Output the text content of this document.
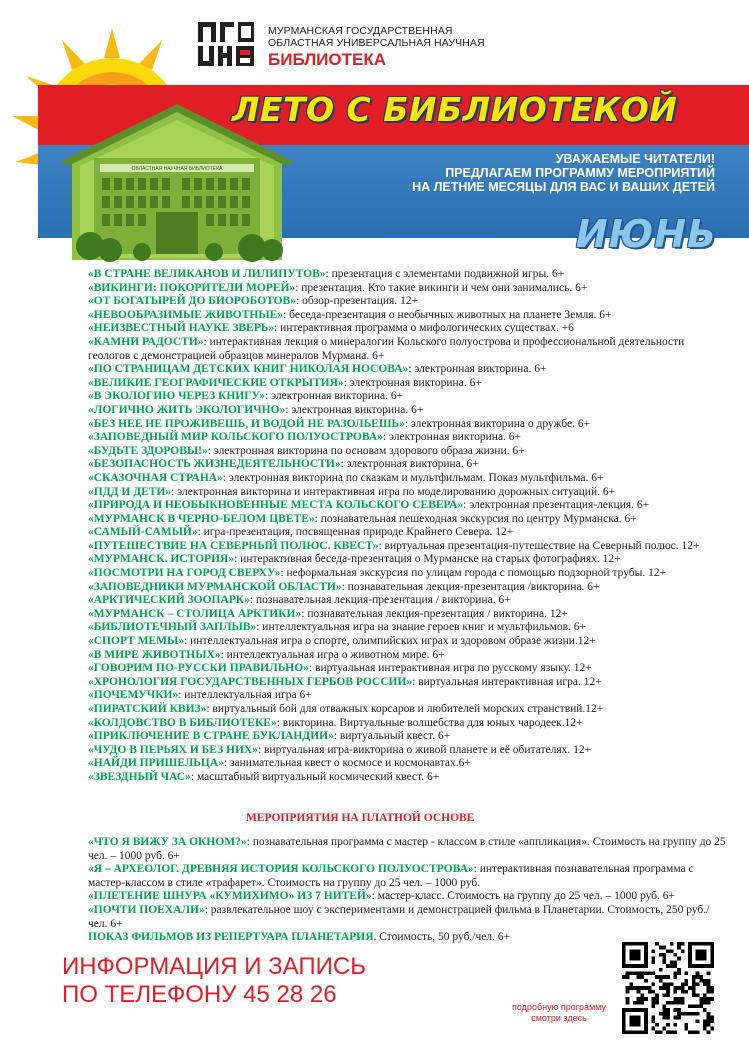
МУРМАНСКАЯ ГОСУДАРСТВЕННАЯ
ОБЛАСТНАЯ УНИВЕРСАЛЬНАЯ НАУЧНАЯ
БИБЛИОТЕКА
ОБЛАСТНАЯ НАУЧНАЯ БИБЛИОТЕКА
ЛЕТО С БИБЛИОТЕКОЙ
УВАЖАЕМЫЕ ЧИТАТЕЛИ!
ПРЕДЛАГАЕМ ПРОГРАММУ МЕРОПРИЯТИЙ
НА ЛЕТНИЕ МЕСЯЦЫ ДЛЯ ВАС И ВАШИХ ДЕТЕЙ
ИЮНЬ
«В СТРАНЕ ВЕЛИКАНОВ И ЛИЛИПУТОВ»: презентация с элементами подвижной игры. 6+
«ВИКИНГИ: ПОКОРИТЕЛИ МОРЕЙ»: презентация. Кто такие викинги и чем они занимались. 6+
«ОТ БОГАТЫРЕЙ ДО БИОРОБОТОВ»: обзор-презентация. 12+
«НЕВООБРАЗИМЫЕ ЖИВОТНЫЕ»: беседа-презентация о необычных животных на планете Земля. 6+
«НЕИЗВЕСТНЫЙ НАУКЕ ЗВЕРЬ»: интерактивная программа о мифологических существах. +6
«КАМНИ РАДОСТИ»: интерактивная лекция о минералогии Кольского полуострова и профессиональной деятельности геологов с демонстрацией образцов минералов Мурмана. 6+
«ПО СТРАНИЦАМ ДЕТСКИХ КНИГ НИКОЛАЯ НОСОВА»: электронная викторина. 6+
«ВЕЛИКИЕ ГЕОГРАФИЧЕСКИЕ ОТКРЫТИЯ»: электронная викторина. 6+
«В ЭКОЛОГИЮ ЧЕРЕЗ КНИГУ»: электронная викторина. 6+
«ЛОГИЧНО ЖИТЬ ЭКОЛОГИЧНО»: электронная викторина. 6+
«БЕЗ НЕЕ НЕ ПРОЖИВЕШЬ, И ВОДОЙ НЕ РАЗОЛЬЕШЬ»: электронная викторина о дружбе. 6+
«ЗАПОВЕДНЫЙ МИР КОЛЬСКОГО ПОЛУОСТРОВА»: электронная викторина. 6+
«БУДЬТЕ ЗДОРОВЫ!»: электронная викторина по основам здорового образа жизни. 6+
«БЕЗОПАСНОСТЬ ЖИЗНЕДЕЯТЕЛЬНОСТИ»: электронная викторина. 6+
«СКАЗОЧНАЯ СТРАНА»: электронная викторина по сказкам и мультфильмам. Показ мультфильма. 6+
«ПДД И ДЕТИ»: электронная викторина и интерактивная игра по моделированию дорожных ситуаций. 6+
«ПРИРОДА И НЕОБЫКНОВЕННЫЕ МЕСТА КОЛЬСКОГО СЕВЕРА»: электронная презентация-лекция. 6+
«МУРМАНСК В ЧЕРНО-БЕЛОМ ЦВЕТЕ»: познавательная пешеходная экскурсия по центру Мурманска. 6+
«САМЫЙ-САМЫЙ»: игра-презентация, посвященная природе Крайнего Севера. 12+
«ПУТЕШЕСТВИЕ НА СЕВЕРНЫЙ ПОЛЮС. КВЕСТ»: виртуальная презентация-путешествие на Северный полюс. 12+
«МУРМАНСК. ИСТОРИЯ»: интерактивная беседа-презентация о Мурманске на старых фотографиях. 12+
«ПОСМОТРИ НА ГОРОД СВЕРХУ»: неформальная экскурсия по улицам города с помощью подзорной трубы. 12+
«ЗАПОВЕДНИКИ МУРМАНСКОЙ ОБЛАСТИ»: познавательная лекция-презентация /викторина. 6+
«АРКТИЧЕСКИЙ ЗООПАРК»: познавательная лекция-презентация / викторина. 6+
«МУРМАНСК – СТОЛИЦА АРКТИКИ»: познавательная лекция-презентация / викторина. 12+
«БИБЛИОТЕЧНЫЙ ЗАПЛЫВ»: интеллектуальная игра на знание героев книг и мультфильмов. 6+
«СПОРТ МЕМЫ»: интеллектуальная игра о спорте, олимпийских играх и здоровом образе жизни.12+
«В МИРЕ ЖИВОТНЫХ»: интеллектуальная игра о животном мире. 6+
«ГОВОРИМ ПО-РУССКИ ПРАВИЛЬНО»: виртуальная интерактивная игра по русскому языку. 12+
«ХРОНОЛОГИЯ ГОСУДАРСТВЕННЫХ ГЕРБОВ РОССИИ»: виртуальная интерактивная игра. 12+
«ПОЧЕМУЧКИ»: интеллектуальная игра 6+
«ПИРАТСКИЙ КВИЗ»: виртуальный бой для отважных корсаров и любителей морских странствий.12+
«КОЛДОВСТВО В БИБЛИОТЕКЕ»: викторина. Виртуальные волшебства для юных чародеек.12+
«ПРИКЛЮЧЕНИЕ В СТРАНЕ БУКЛАНДИИ»: виртуальный квест. 6+
«ЧУДО В ПЕРЬЯХ И БЕЗ НИХ»: виртуальная игра-викторина о живой планете и её обитателях. 12+
«НАЙДИ ПРИШЕЛЬЦА»: занимательная квест о космосе и космонавтах.6+
«ЗВЕЗДНЫЙ ЧАС»: масштабный виртуальный космический квест. 6+
МЕРОПРИЯТИЯ НА ПЛАТНОЙ ОСНОВЕ
«ЧТО Я ВИЖУ ЗА ОКНОМ?»: познавательная программа с мастер - классом в стиле «аппликация». Стоимость на группу до 25 чел. – 1000 руб. 6+
«Я – АРХЕОЛОГ. ДРЕВНЯЯ ИСТОРИЯ КОЛЬСКОГО ПОЛУОСТРОВА»: интерактивная познавательная программа с мастер-классом в стиле «трафарет». Стоимость на группу до 25 чел. – 1000 руб.
«ПЛЕТЕНИЕ ШНУРА «КУМИХИМО» ИЗ 7 НИТЕЙ»: мастер-класс. Стоимость на группу до 25 чел. – 1000 руб. 6+
«ПОЧТИ ПОЕХАЛИ»: развлекательное шоу с экспериментами и демонстрацией фильма в Планетарии. Стоимость, 250 руб./чел. 6+
ПОКАЗ ФИЛЬМОВ ИЗ РЕПЕРТУАРА ПЛАНЕТАРИЯ. Стоимость, 50 руб./чел. 6+
ИНФОРМАЦИЯ И ЗАПИСЬ
ПО ТЕЛЕФОНУ 45 28 26	подробную программу
смотри здесь
